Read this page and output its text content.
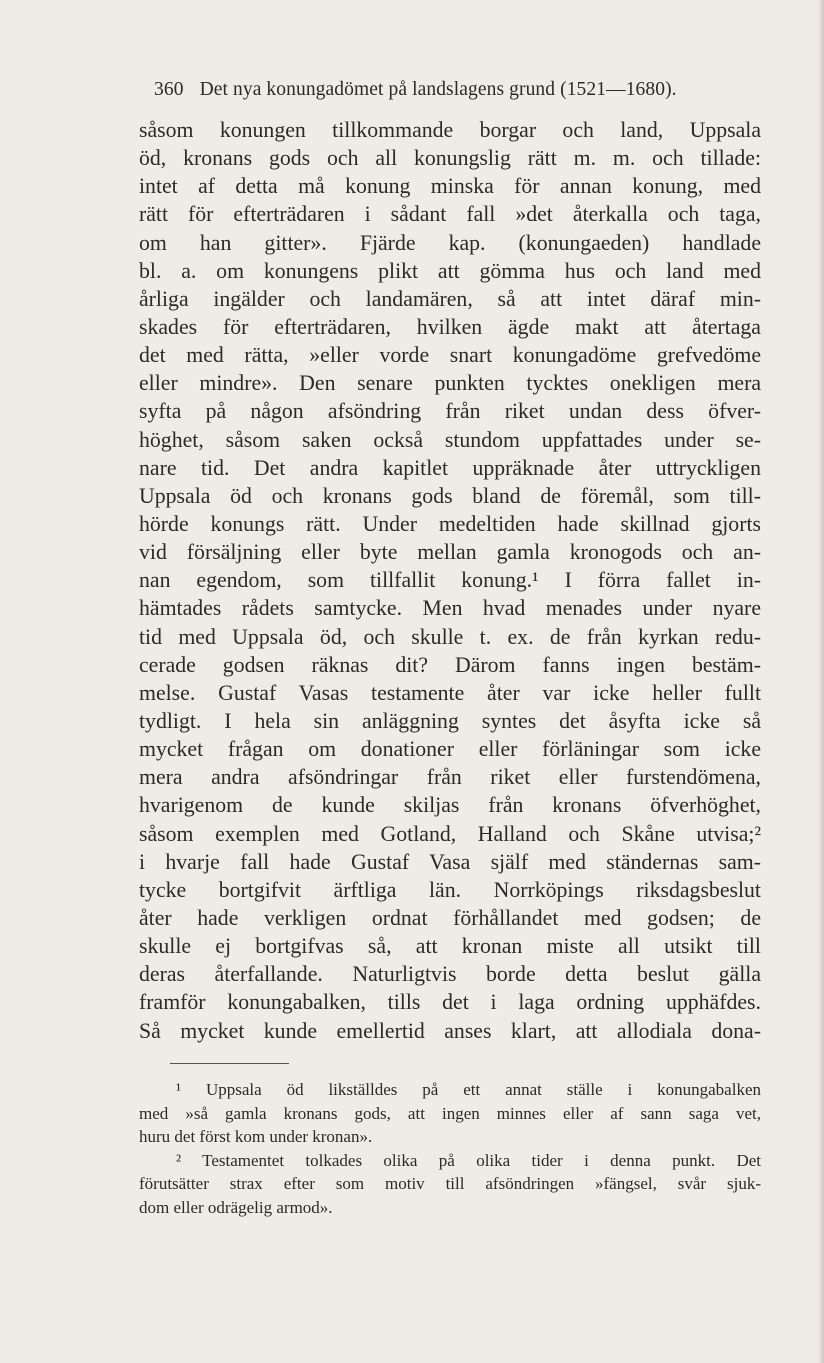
360 Det nya konungadömet på landslagens grund (1521—1680).
såsom konungen tillkommande borgar och land, Uppsala
öd, kronans gods och all konungslig rätt m. m. och tillade:
intet af detta må konung minska för annan konung, med
rätt för efterträdaren i sådant fall »det återkalla och taga,
om han gitter». Fjärde kap. (konungaeden) handlade
bl. a. om konungens plikt att gömma hus och land med
årliga ingälder och landamären, så att intet däraf min-
skades för efterträdaren, hvilken ägde makt att återtaga
det med rätta, »eller vorde snart konungadöme grefvedöme
eller mindre». Den senare punkten tycktes onekligen mera
syfta på någon afsöndring från riket undan dess öfver-
höghet, såsom saken också stundom uppfattades under se-
nare tid. Det andra kapitlet uppräknade åter uttryckligen
Uppsala öd och kronans gods bland de föremål, som till-
hörde konungs rätt. Under medeltiden hade skillnad gjorts
vid försäljning eller byte mellan gamla kronogods och an-
nan egendom, som tillfallit konung.¹ I förra fallet in-
hämtades rådets samtycke. Men hvad menades under nyare
tid med Uppsala öd, och skulle t. ex. de från kyrkan redu-
cerade godsen räknas dit? Därom fanns ingen bestäm-
melse. Gustaf Vasas testamente åter var icke heller fullt
tydligt. I hela sin anläggning syntes det åsyfta icke så
mycket frågan om donationer eller förläningar som icke
mera andra afsöndringar från riket eller furstendömena,
hvarigenom de kunde skiljas från kronans öfverhöghet,
såsom exemplen med Gotland, Halland och Skåne utvisa;²
i hvarje fall hade Gustaf Vasa själf med ständernas sam-
tycke bortgifvit ärftliga län. Norrköpings riksdagsbeslut
åter hade verkligen ordnat förhållandet med godsen; de
skulle ej bortgifvas så, att kronan miste all utsikt till
deras återfallande. Naturligtvis borde detta beslut gälla
framför konungabalken, tills det i laga ordning upphäfdes.
Så mycket kunde emellertid anses klart, att allodiala dona-
¹ Uppsala öd likställdes på ett annat ställe i konungabalken
med »så gamla kronans gods, att ingen minnes eller af sann saga vet,
huru det först kom under kronan».
² Testamentet tolkades olika på olika tider i denna punkt. Det
förutsätter strax efter som motiv till afsöndringen »fängsel, svår sjuk-
dom eller odrägelig armod».
